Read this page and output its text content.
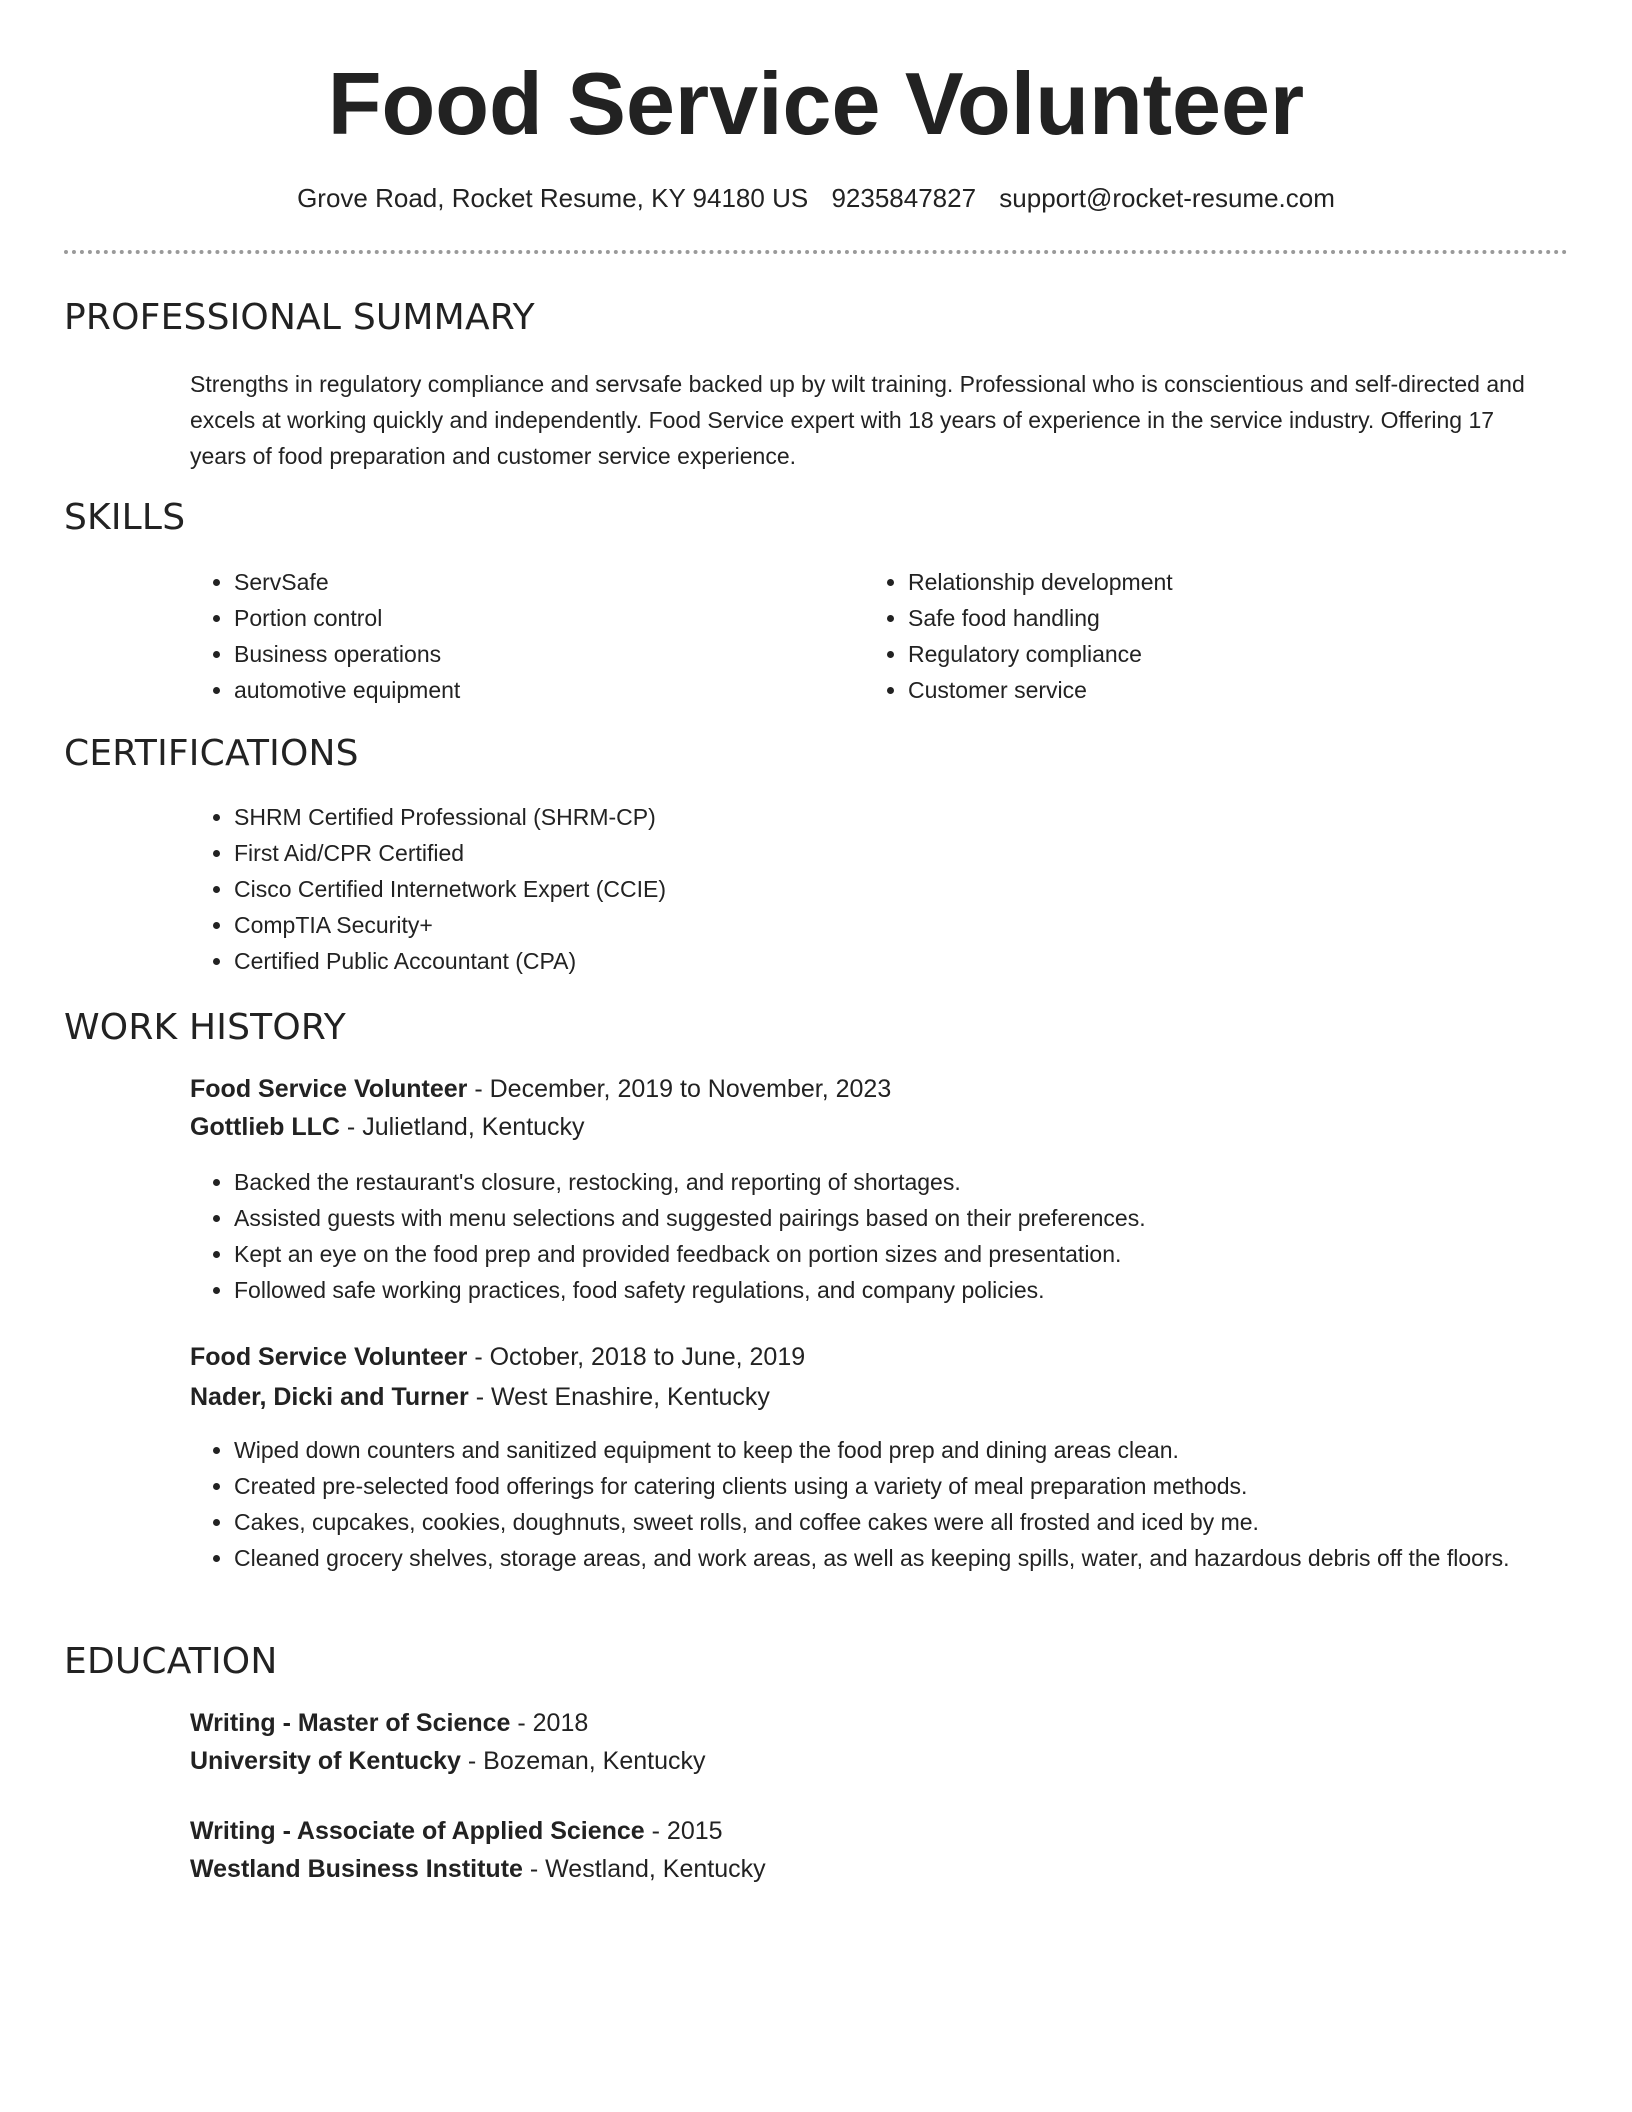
Food Service Volunteer
Grove Road, Rocket Resume, KY 94180 US 9235847827 support@rocket-resume.com
PROFESSIONAL SUMMARY

Strengths in regulatory compliance and servsafe backed up by wilt training. Professional who is conscientious and self-directed and excels at working quickly and independently. Food Service expert with 18 years of experience in the service industry. Offering 17 years of food preparation and customer service experience.

SKILLS
• ServSafe
• Portion control
• Business operations
• automotive equipment
• Relationship development
• Safe food handling
• Regulatory compliance
• Customer service
CERTIFICATIONS
• SHRM Certified Professional (SHRM-CP)
• First Aid/CPR Certified
• Cisco Certified Internetwork Expert (CCIE)
• CompTIA Security+
• Certified Public Accountant (CPA)
WORK HISTORY
Food Service Volunteer - December, 2019 to November, 2023
Gottlieb LLC - Julietland, Kentucky
• Backed the restaurant's closure, restocking, and reporting of shortages.
• Assisted guests with menu selections and suggested pairings based on their preferences.
• Kept an eye on the food prep and provided feedback on portion sizes and presentation.
• Followed safe working practices, food safety regulations, and company policies.
Food Service Volunteer - October, 2018 to June, 2019
Nader, Dicki and Turner - West Enashire, Kentucky
• Wiped down counters and sanitized equipment to keep the food prep and dining areas clean.
• Created pre-selected food offerings for catering clients using a variety of meal preparation methods.
• Cakes, cupcakes, cookies, doughnuts, sweet rolls, and coffee cakes were all frosted and iced by me.
• Cleaned grocery shelves, storage areas, and work areas, as well as keeping spills, water, and hazardous debris off the floors.
EDUCATION
Writing - Master of Science - 2018
University of Kentucky - Bozeman, Kentucky
Writing - Associate of Applied Science - 2015
Westland Business Institute - Westland, Kentucky
